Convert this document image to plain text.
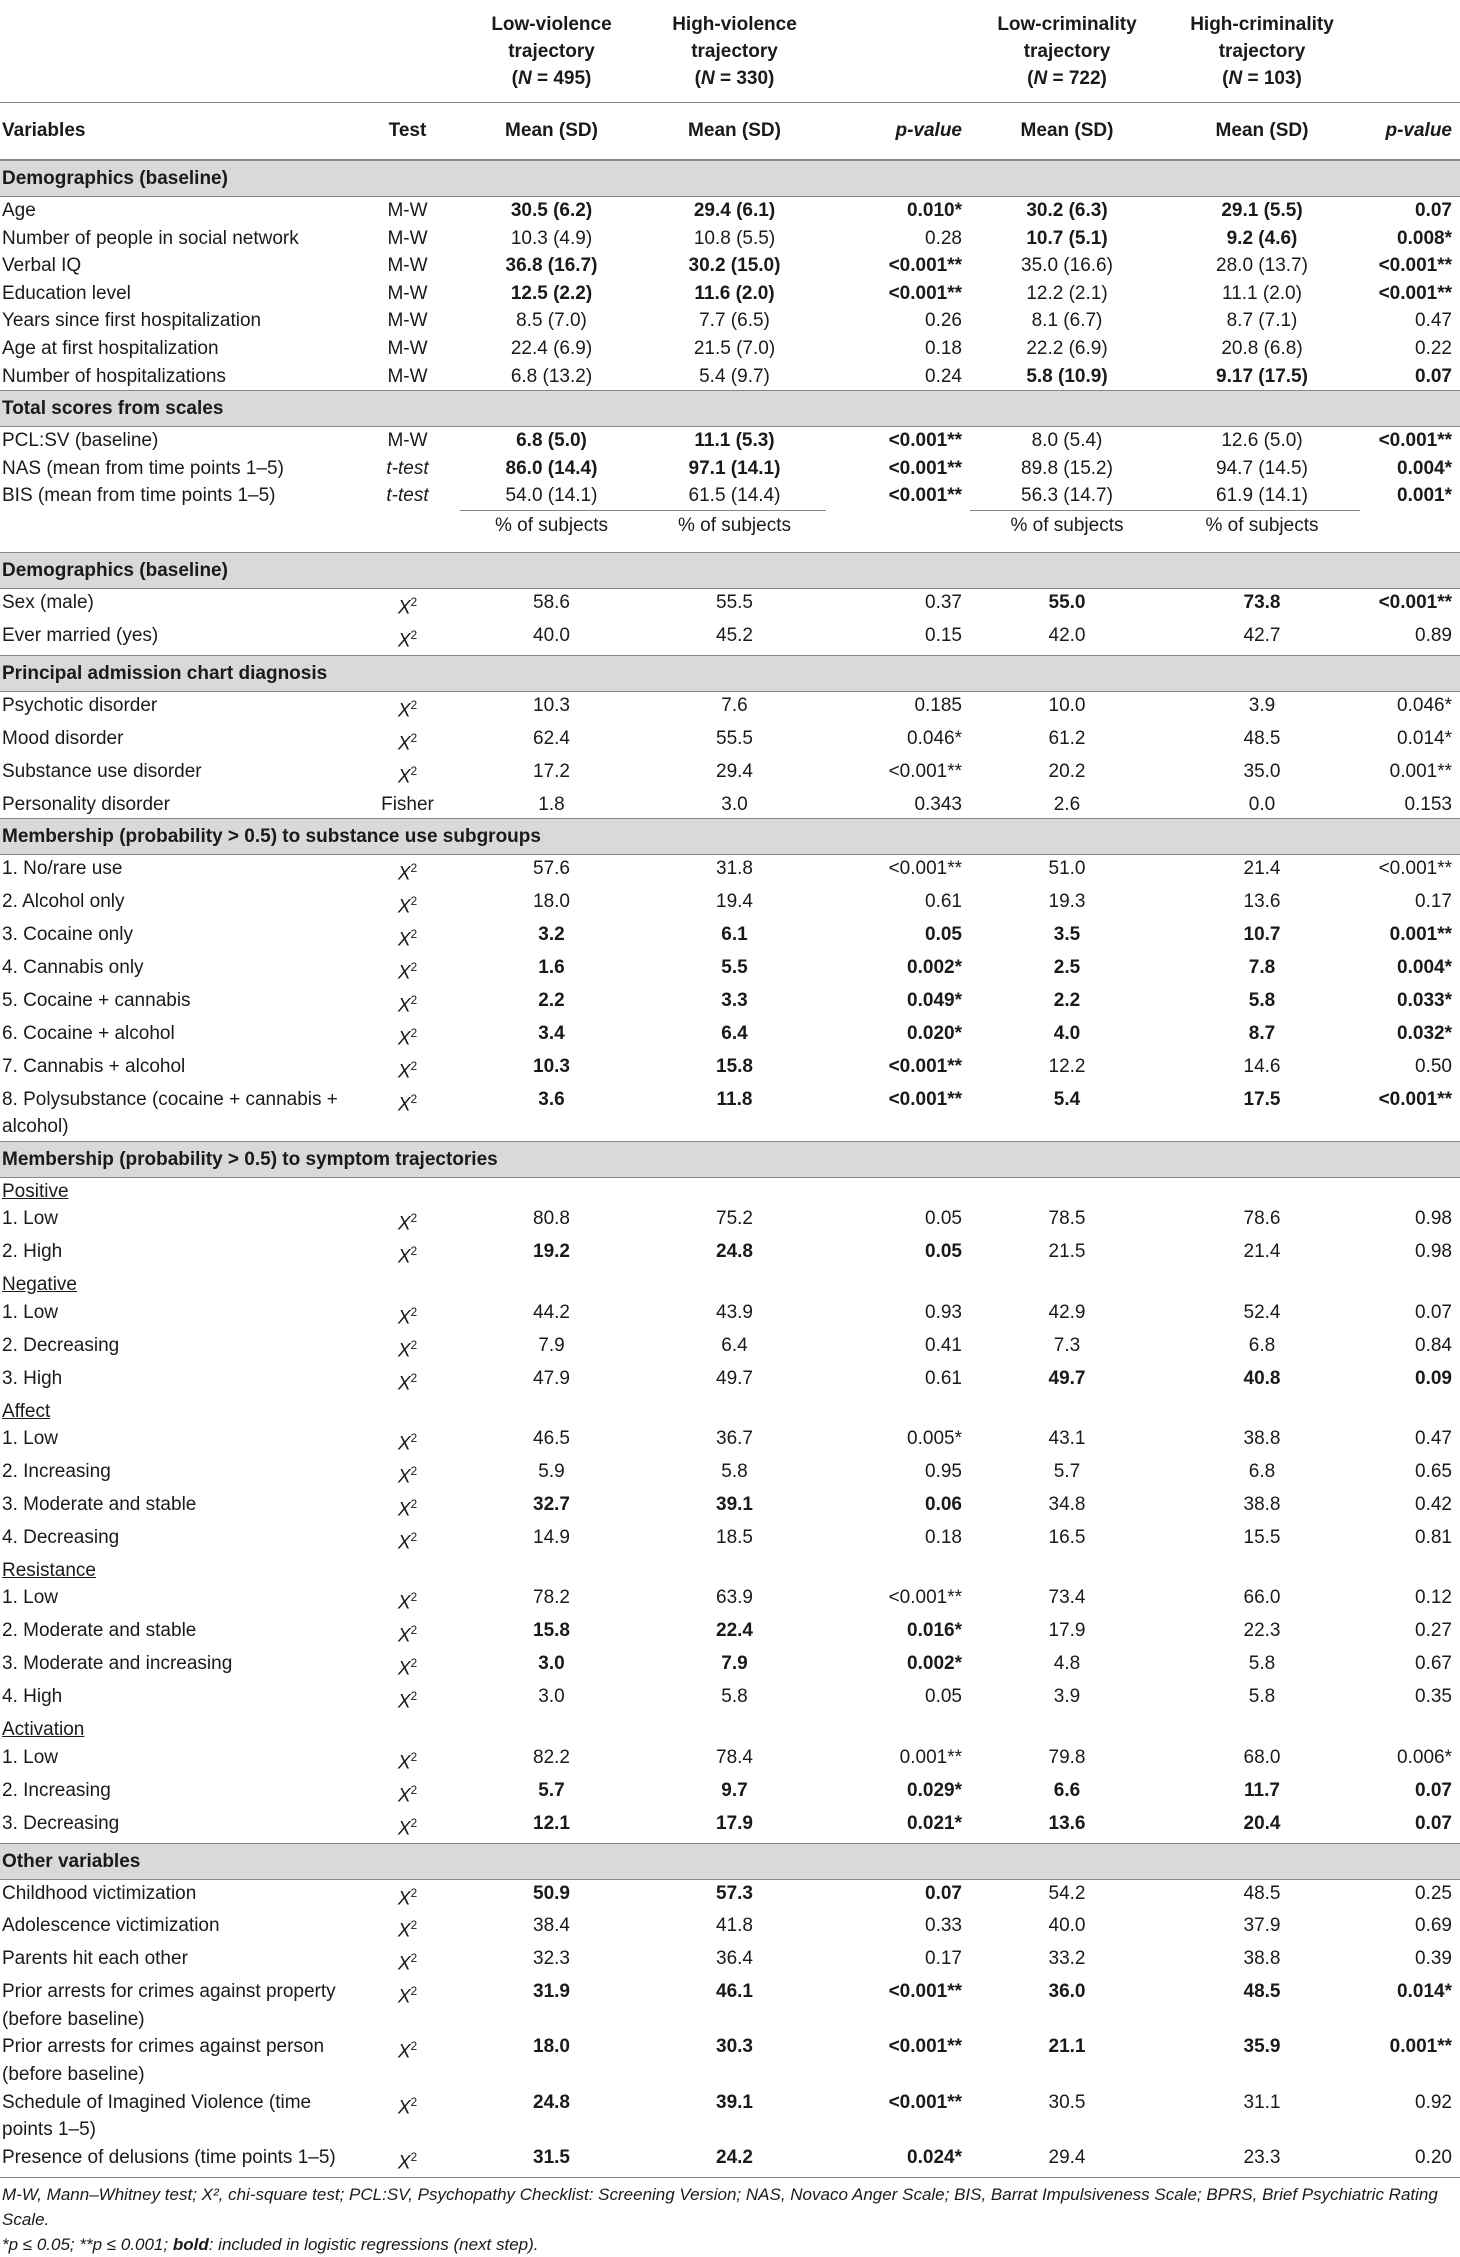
		Low-violence
trajectory
(N = 495)	High-violence
trajectory
(N = 330)		Low-criminality
trajectory
(N = 722)	High-criminality
trajectory
(N = 103)	
Variables	Test	Mean (SD)	Mean (SD)	p-value	Mean (SD)	Mean (SD)	p-value
Demographics (baseline)							
Age	M-W	30.5 (6.2)	29.4 (6.1)	0.010*	30.2 (6.3)	29.1 (5.5)	0.07
Number of people in social network	M-W	10.3 (4.9)	10.8 (5.5)	0.28	10.7 (5.1)	9.2 (4.6)	0.008*
Verbal IQ	M-W	36.8 (16.7)	30.2 (15.0)	<0.001**	35.0 (16.6)	28.0 (13.7)	<0.001**
Education level	M-W	12.5 (2.2)	11.6 (2.0)	<0.001**	12.2 (2.1)	11.1 (2.0)	<0.001**
Years since first hospitalization	M-W	8.5 (7.0)	7.7 (6.5)	0.26	8.1 (6.7)	8.7 (7.1)	0.47
Age at first hospitalization	M-W	22.4 (6.9)	21.5 (7.0)	0.18	22.2 (6.9)	20.8 (6.8)	0.22
Number of hospitalizations	M-W	6.8 (13.2)	5.4 (9.7)	0.24	5.8 (10.9)	9.17 (17.5)	0.07
Total scores from scales							
PCL:SV (baseline)	M-W	6.8 (5.0)	11.1 (5.3)	<0.001**	8.0 (5.4)	12.6 (5.0)	<0.001**
NAS (mean from time points 1–5)	t-test	86.0 (14.4)	97.1 (14.1)	<0.001**	89.8 (15.2)	94.7 (14.5)	0.004*
BIS (mean from time points 1–5)	t-test	54.0 (14.1)	61.5 (14.4)	<0.001**	56.3 (14.7)	61.9 (14.1)	0.001*
		% of subjects	% of subjects		% of subjects	% of subjects	
Demographics (baseline)							
Sex (male)	$X^2$	58.6	55.5	0.37	55.0	73.8	<0.001**
Ever married (yes)	$X^2$	40.0	45.2	0.15	42.0	42.7	0.89
Principal admission chart diagnosis							
Psychotic disorder	$X^2$	10.3	7.6	0.185	10.0	3.9	0.046*
Mood disorder	$X^2$	62.4	55.5	0.046*	61.2	48.5	0.014*
Substance use disorder	$X^2$	17.2	29.4	<0.001**	20.2	35.0	0.001**
Personality disorder	Fisher	1.8	3.0	0.343	2.6	0.0	0.153
Membership (probability > 0.5) to substance use subgroups							
1. No/rare use	$X^2$	57.6	31.8	<0.001**	51.0	21.4	<0.001**
2. Alcohol only	$X^2$	18.0	19.4	0.61	19.3	13.6	0.17
3. Cocaine only	$X^2$	3.2	6.1	0.05	3.5	10.7	0.001**
4. Cannabis only	$X^2$	1.6	5.5	0.002*	2.5	7.8	0.004*
5. Cocaine + cannabis	$X^2$	2.2	3.3	0.049*	2.2	5.8	0.033*
6. Cocaine + alcohol	$X^2$	3.4	6.4	0.020*	4.0	8.7	0.032*
7. Cannabis + alcohol	$X^2$	10.3	15.8	<0.001**	12.2	14.6	0.50
8. Polysubstance (cocaine + cannabis + alcohol)	$X^2$	3.6	11.8	<0.001**	5.4	17.5	<0.001**
Membership (probability > 0.5) to symptom trajectories							
Positive							
1. Low	$X^2$	80.8	75.2	0.05	78.5	78.6	0.98
2. High	$X^2$	19.2	24.8	0.05	21.5	21.4	0.98
Negative							
1. Low	$X^2$	44.2	43.9	0.93	42.9	52.4	0.07
2. Decreasing	$X^2$	7.9	6.4	0.41	7.3	6.8	0.84
3. High	$X^2$	47.9	49.7	0.61	49.7	40.8	0.09
Affect							
1. Low	$X^2$	46.5	36.7	0.005*	43.1	38.8	0.47
2. Increasing	$X^2$	5.9	5.8	0.95	5.7	6.8	0.65
3. Moderate and stable	$X^2$	32.7	39.1	0.06	34.8	38.8	0.42
4. Decreasing	$X^2$	14.9	18.5	0.18	16.5	15.5	0.81
Resistance							
1. Low	$X^2$	78.2	63.9	<0.001**	73.4	66.0	0.12
2. Moderate and stable	$X^2$	15.8	22.4	0.016*	17.9	22.3	0.27
3. Moderate and increasing	$X^2$	3.0	7.9	0.002*	4.8	5.8	0.67
4. High	$X^2$	3.0	5.8	0.05	3.9	5.8	0.35
Activation							
1. Low	$X^2$	82.2	78.4	0.001**	79.8	68.0	0.006*
2. Increasing	$X^2$	5.7	9.7	0.029*	6.6	11.7	0.07
3. Decreasing	$X^2$	12.1	17.9	0.021*	13.6	20.4	0.07
Other variables							
Childhood victimization	$X^2$	50.9	57.3	0.07	54.2	48.5	0.25
Adolescence victimization	$X^2$	38.4	41.8	0.33	40.0	37.9	0.69
Parents hit each other	$X^2$	32.3	36.4	0.17	33.2	38.8	0.39
Prior arrests for crimes against property (before baseline)	$X^2$	31.9	46.1	<0.001**	36.0	48.5	0.014*
Prior arrests for crimes against person (before baseline)	$X^2$	18.0	30.3	<0.001**	21.1	35.9	0.001**
Schedule of Imagined Violence (time points 1–5)	$X^2$	24.8	39.1	<0.001**	30.5	31.1	0.92
Presence of delusions (time points 1–5)	$X^2$	31.5	24.2	0.024*	29.4	23.3	0.20
M-W, Mann–Whitney test; X², chi-square test; PCL:SV, Psychopathy Checklist: Screening Version; NAS, Novaco Anger Scale; BIS, Barrat Impulsiveness Scale; BPRS, Brief Psychiatric Rating Scale.							
*p ≤ 0.05; **p ≤ 0.001; bold: included in logistic regressions (next step).							
